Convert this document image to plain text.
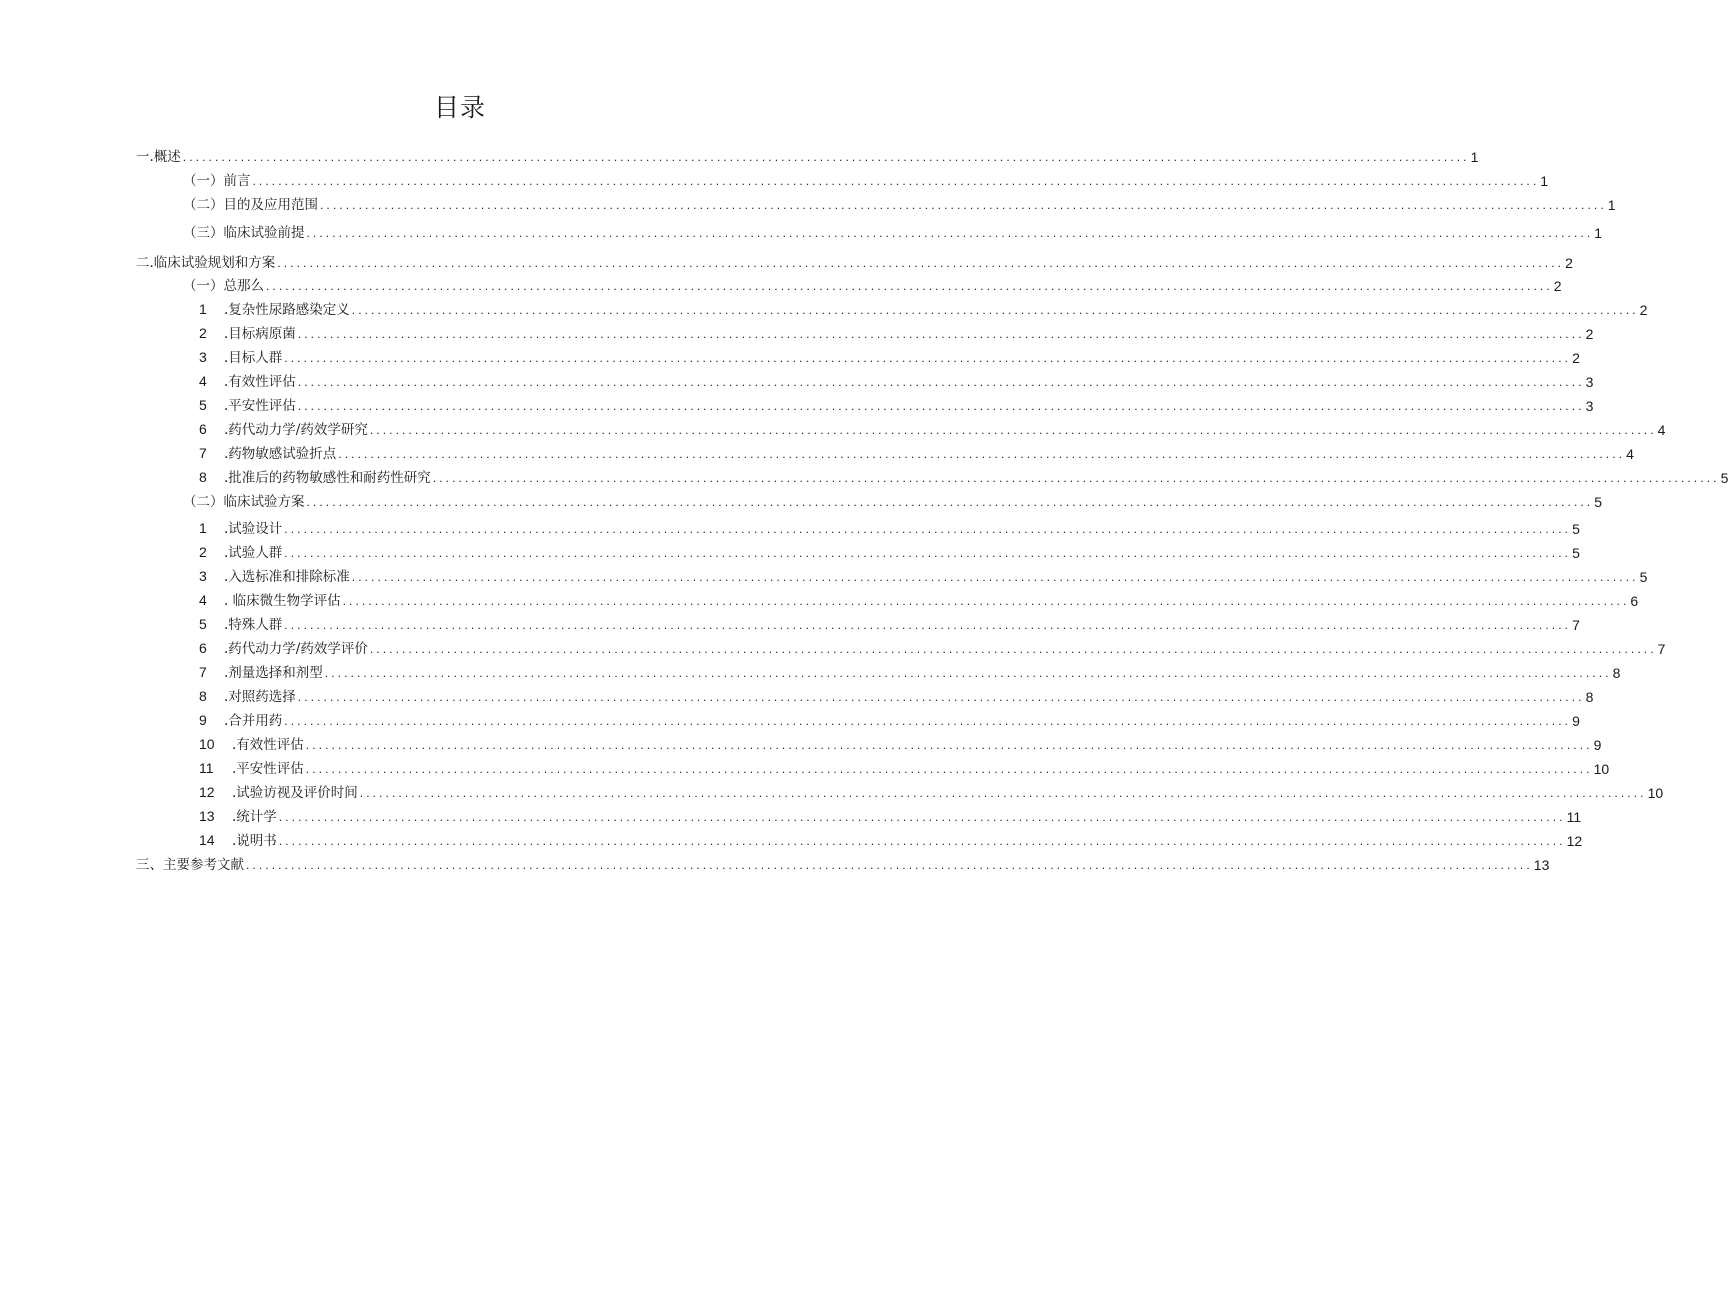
目录
一.概述 ........................................................................................................................................................................................................ 1
（一）前言 ........................................................................................................................................................................................................ 1
（二）目的及应用范围 ........................................................................................................................................................................................................ 1
（三）临床试验前提 ........................................................................................................................................................................................................ 1
二.临床试验规划和方案 ........................................................................................................................................................................................................ 2
（一）总那么 ........................................................................................................................................................................................................ 2
1 .复杂性尿路感染定义 ........................................................................................................................................................................................................ 2
2 .目标病原菌 ........................................................................................................................................................................................................ 2
3 .目标人群 ........................................................................................................................................................................................................ 2
4 .有效性评估 ........................................................................................................................................................................................................ 3
5 .平安性评估 ........................................................................................................................................................................................................ 3
6 .药代动力学/药效学研究 ........................................................................................................................................................................................................ 4
7 .药物敏感试验折点 ........................................................................................................................................................................................................ 4
8 .批准后的药物敏感性和耐药性研究 ........................................................................................................................................................................................................ 5
（二）临床试验方案 ........................................................................................................................................................................................................ 5
1 .试验设计 ........................................................................................................................................................................................................ 5
2 .试验人群 ........................................................................................................................................................................................................ 5
3 .入选标准和排除标准 ........................................................................................................................................................................................................ 5
4 . 临床微生物学评估 ........................................................................................................................................................................................................ 6
5 .特殊人群 ........................................................................................................................................................................................................ 7
6 .药代动力学/药效学评价 ........................................................................................................................................................................................................ 7
7 .剂量选择和剂型 ........................................................................................................................................................................................................ 8
8 .对照药选择 ........................................................................................................................................................................................................ 8
9 .合并用药 ........................................................................................................................................................................................................ 9
10 .有效性评估 ........................................................................................................................................................................................................ 9
11 .平安性评估 ........................................................................................................................................................................................................ 10
12 .试验访视及评价时间 ........................................................................................................................................................................................................ 10
13 .统计学 ........................................................................................................................................................................................................ 11
14 .说明书 ........................................................................................................................................................................................................ 12
三、主要参考文献 ........................................................................................................................................................................................................ 13
